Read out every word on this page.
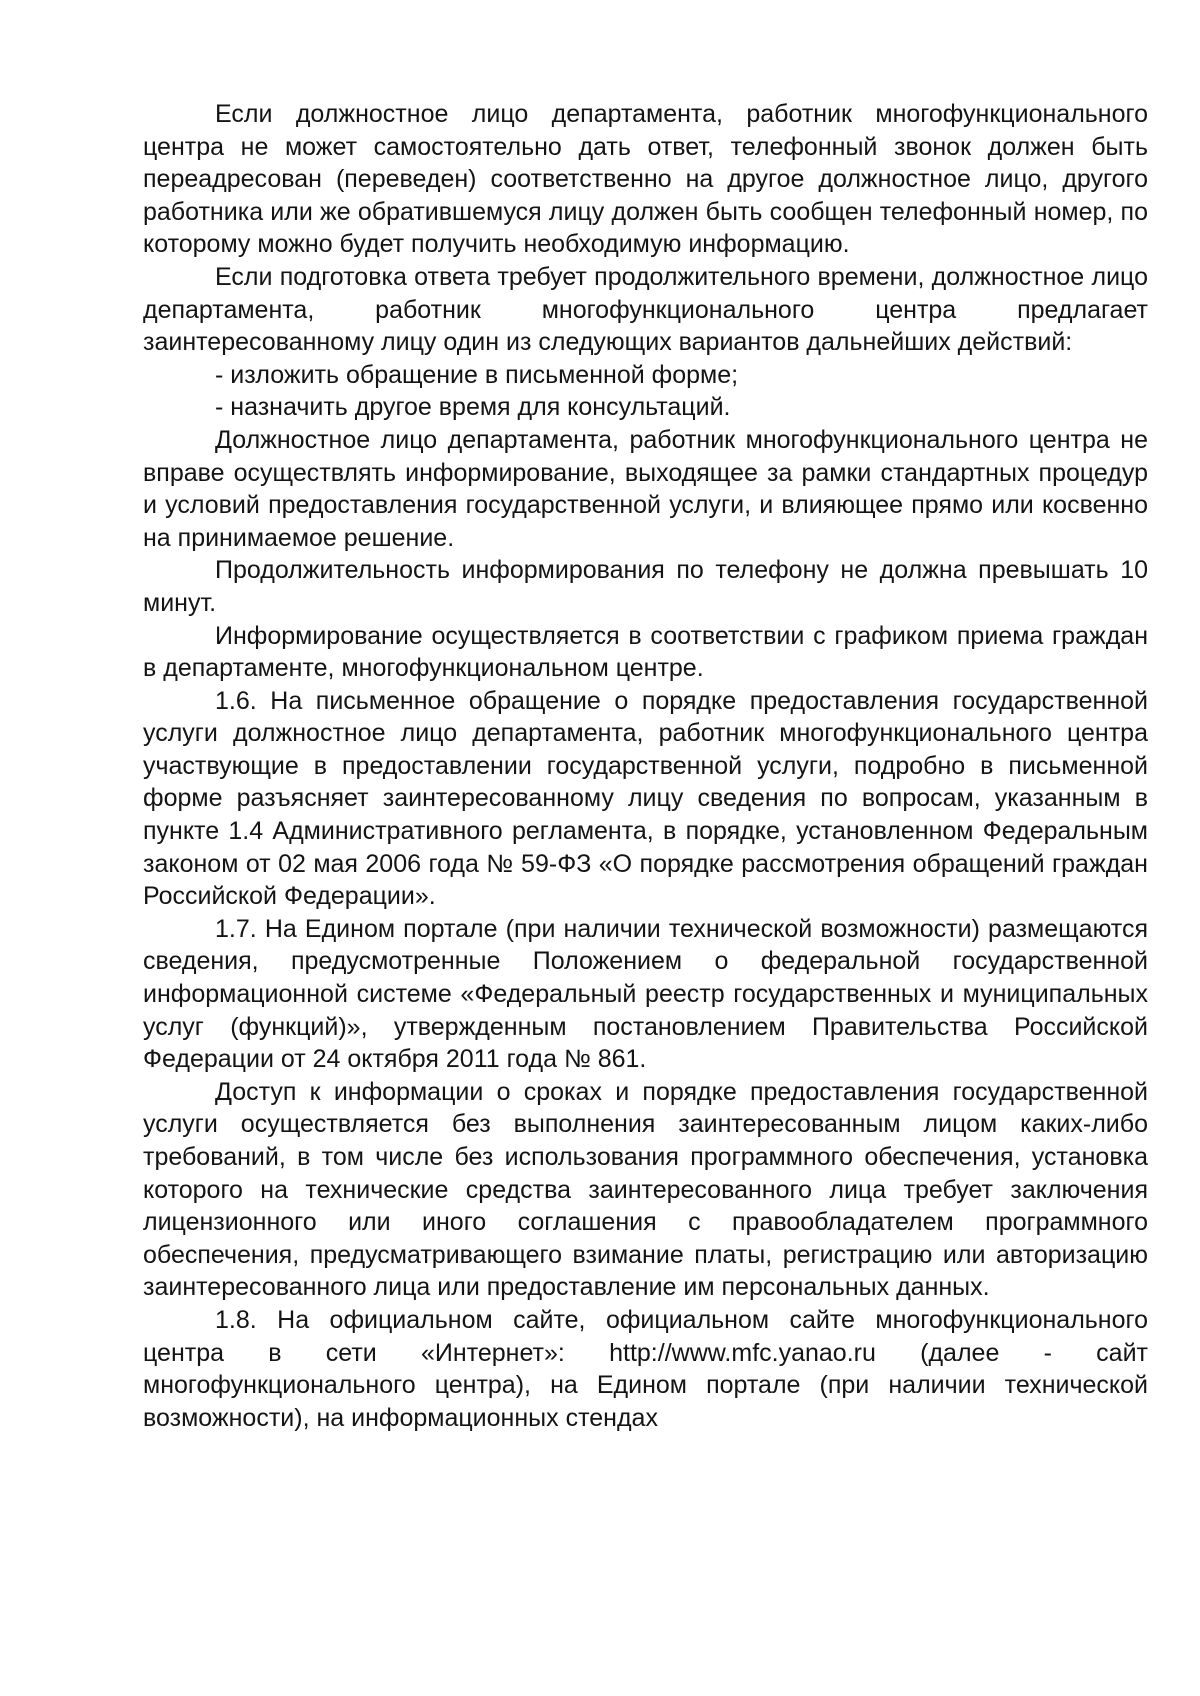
Если должностное лицо департамента, работник многофункционального центра не может самостоятельно дать ответ, телефонный звонок должен быть переадресован (переведен) соответственно на другое должностное лицо, другого работника или же обратившемуся лицу должен быть сообщен телефонный номер, по которому можно будет получить необходимую информацию.

Если подготовка ответа требует продолжительного времени, должностное лицо департамента, работник многофункционального центра предлагает заинтересованному лицу один из следующих вариантов дальнейших действий:

- изложить обращение в письменной форме;

- назначить другое время для консультаций.

Должностное лицо департамента, работник многофункционального центра не вправе осуществлять информирование, выходящее за рамки стандартных процедур и условий предоставления государственной услуги, и влияющее прямо или косвенно на принимаемое решение.

Продолжительность информирования по телефону не должна превышать 10 минут.

Информирование осуществляется в соответствии с графиком приема граждан в департаменте, многофункциональном центре.

1.6. На письменное обращение о порядке предоставления государственной услуги должностное лицо департамента, работник многофункционального центра участвующие в предоставлении государственной услуги, подробно в письменной форме разъясняет заинтересованному лицу сведения по вопросам, указанным в пункте 1.4 Административного регламента, в порядке, установленном Федеральным законом от 02 мая 2006 года № 59-ФЗ «О порядке рассмотрения обращений граждан Российской Федерации».

1.7. На Едином портале (при наличии технической возможности) размещаются сведения, предусмотренные Положением о федеральной государственной информационной системе «Федеральный реестр государственных и муниципальных услуг (функций)», утвержденным постановлением Правительства Российской Федерации от 24 октября 2011 года № 861.

Доступ к информации о сроках и порядке предоставления государственной услуги осуществляется без выполнения заинтересованным лицом каких-либо требований, в том числе без использования программного обеспечения, установка которого на технические средства заинтересованного лица требует заключения лицензионного или иного соглашения с правообладателем программного обеспечения, предусматривающего взимание платы, регистрацию или авторизацию заинтересованного лица или предоставление им персональных данных.

1.8. На официальном сайте, официальном сайте многофункционального центра в сети «Интернет»: http://www.mfc.yanao.ru (далее - сайт многофункционального центра), на Едином портале (при наличии технической возможности), на информационных стендах
